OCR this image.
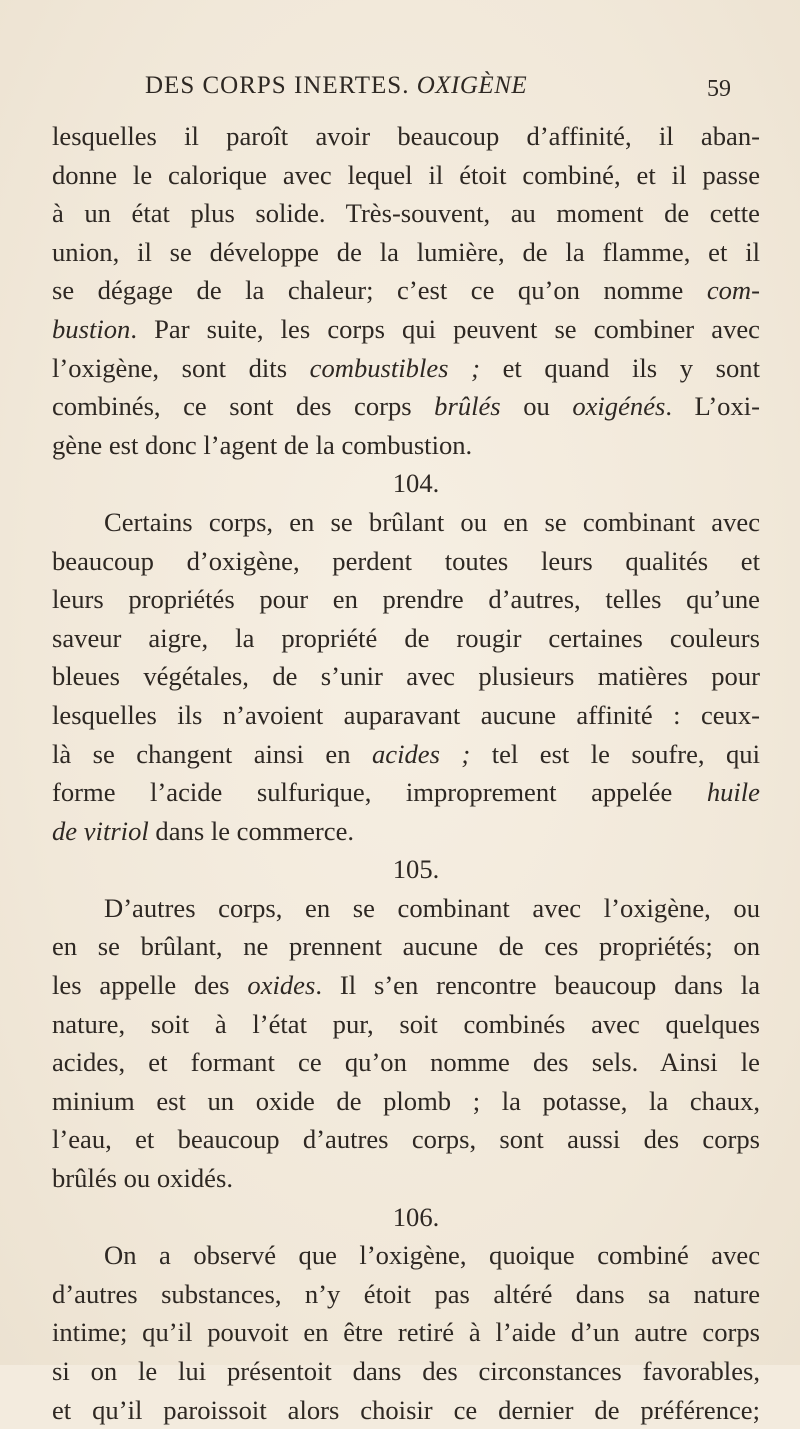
DES CORPS INERTES. OXIGÈNE	59
lesquelles il paroît avoir beaucoup d’affinité, il aban-
donne le calorique avec lequel il étoit combiné, et il passe
à un état plus solide. Très-souvent, au moment de cette
union, il se développe de la lumière, de la flamme, et il
se dégage de la chaleur; c’est ce qu’on nomme com-
bustion. Par suite, les corps qui peuvent se combiner avec
l’oxigène, sont dits combustibles ; et quand ils y sont
combinés, ce sont des corps brûlés ou oxigénés. L’oxi-
gène est donc l’agent de la combustion.
104.
Certains corps, en se brûlant ou en se combinant avec
beaucoup d’oxigène, perdent toutes leurs qualités et
leurs propriétés pour en prendre d’autres, telles qu’une
saveur aigre, la propriété de rougir certaines couleurs
bleues végétales, de s’unir avec plusieurs matières pour
lesquelles ils n’avoient auparavant aucune affinité : ceux-
là se changent ainsi en acides ; tel est le soufre, qui
forme l’acide sulfurique, improprement appelée huile
de vitriol dans le commerce.
105.
D’autres corps, en se combinant avec l’oxigène, ou
en se brûlant, ne prennent aucune de ces propriétés; on
les appelle des oxides. Il s’en rencontre beaucoup dans la
nature, soit à l’état pur, soit combinés avec quelques
acides, et formant ce qu’on nomme des sels. Ainsi le
minium est un oxide de plomb ; la potasse, la chaux,
l’eau, et beaucoup d’autres corps, sont aussi des corps
brûlés ou oxidés.
106.
On a observé que l’oxigène, quoique combiné avec
d’autres substances, n’y étoit pas altéré dans sa nature
intime; qu’il pouvoit en être retiré à l’aide d’un autre corps
si on le lui présentoit dans des circonstances favorables,
et qu’il paroissoit alors choisir ce dernier de préférence;
